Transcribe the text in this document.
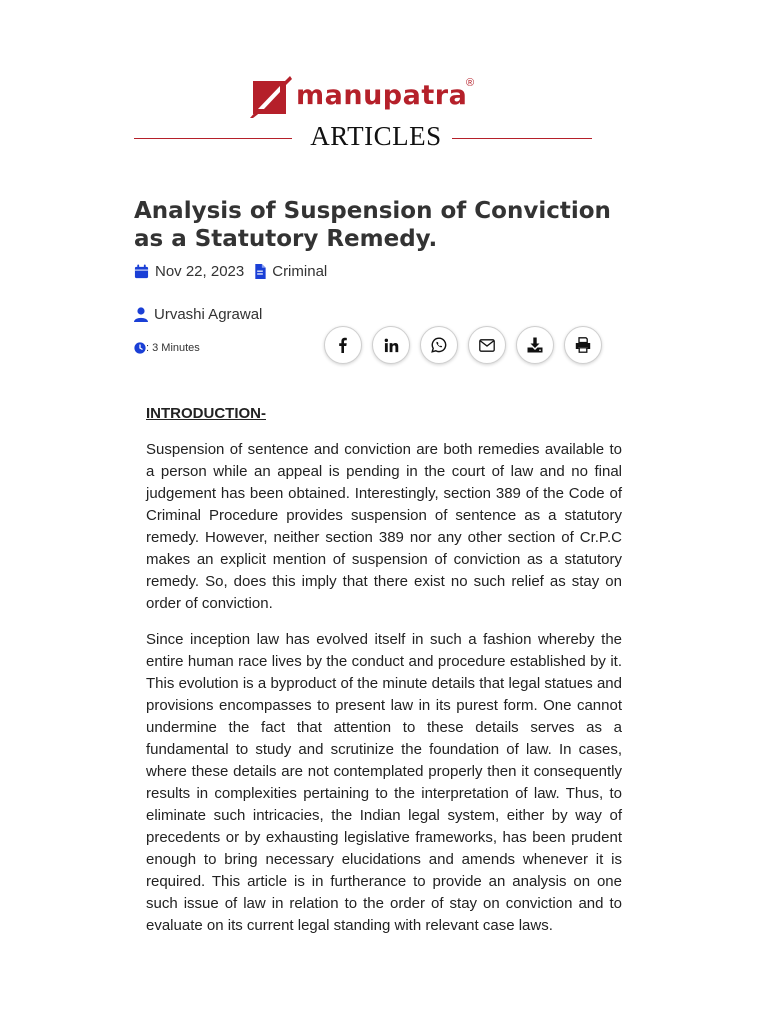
manupatra
®
ARTICLES
Analysis of Suspension of Conviction as a Statutory Remedy.
Nov 22, 2023 Criminal
Urvashi Agrawal
: 3 Minutes

INTRODUCTION-

Suspension of sentence and conviction are both remedies available to a person while an appeal is pending in the court of law and no final judgement has been obtained. Interestingly, section 389 of the Code of Criminal Procedure provides suspension of sentence as a statutory remedy. However, neither section 389 nor any other section of Cr.P.C makes an explicit mention of suspension of conviction as a statutory remedy. So, does this imply that there exist no such relief as stay on order of conviction.

Since inception law has evolved itself in such a fashion whereby the entire human race lives by the conduct and procedure established by it. This evolution is a byproduct of the minute details that legal statues and provisions encompasses to present law in its purest form. One cannot undermine the fact that attention to these details serves as a fundamental to study and scrutinize the foundation of law. In cases, where these details are not contemplated properly then it consequently results in complexities pertaining to the interpretation of law. Thus, to eliminate such intricacies, the Indian legal system, either by way of precedents or by exhausting legislative frameworks, has been prudent enough to bring necessary elucidations and amends whenever it is required. This article is in furtherance to provide an analysis on one such issue of law in relation to the order of stay on conviction and to evaluate on its current legal standing with relevant case laws.
